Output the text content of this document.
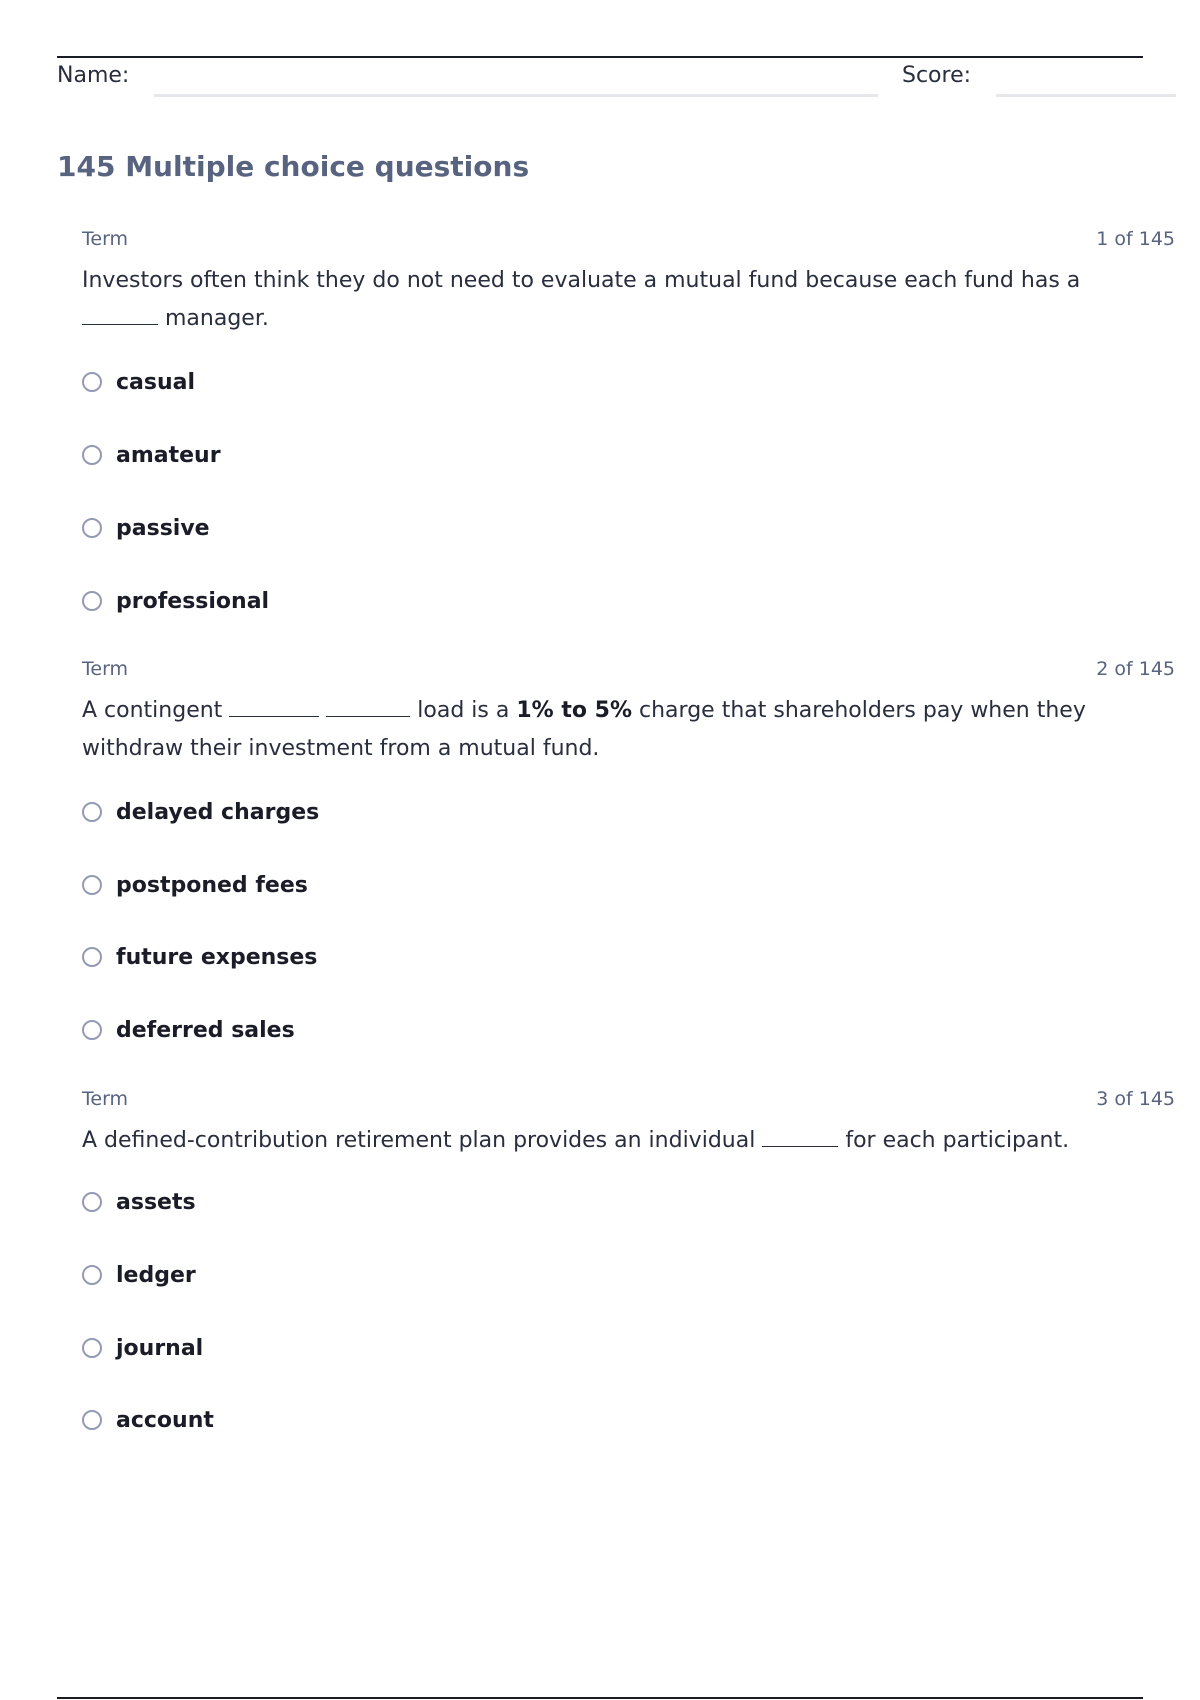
Name:	Score:
145 Multiple choice questions
Term	1 of 145

Investors often think they do not need to evaluate a mutual fund because each fund has a  manager.

casual
amateur
passive
professional
Term	2 of 145

A contingent	load is a 1% to 5% charge that shareholders pay when they withdraw their investment from a mutual fund.

delayed charges
postponed fees
future expenses
deferred sales
Term	3 of 145

A defined-contribution retirement plan provides an individual	for each participant.

assets
ledger
journal
account
